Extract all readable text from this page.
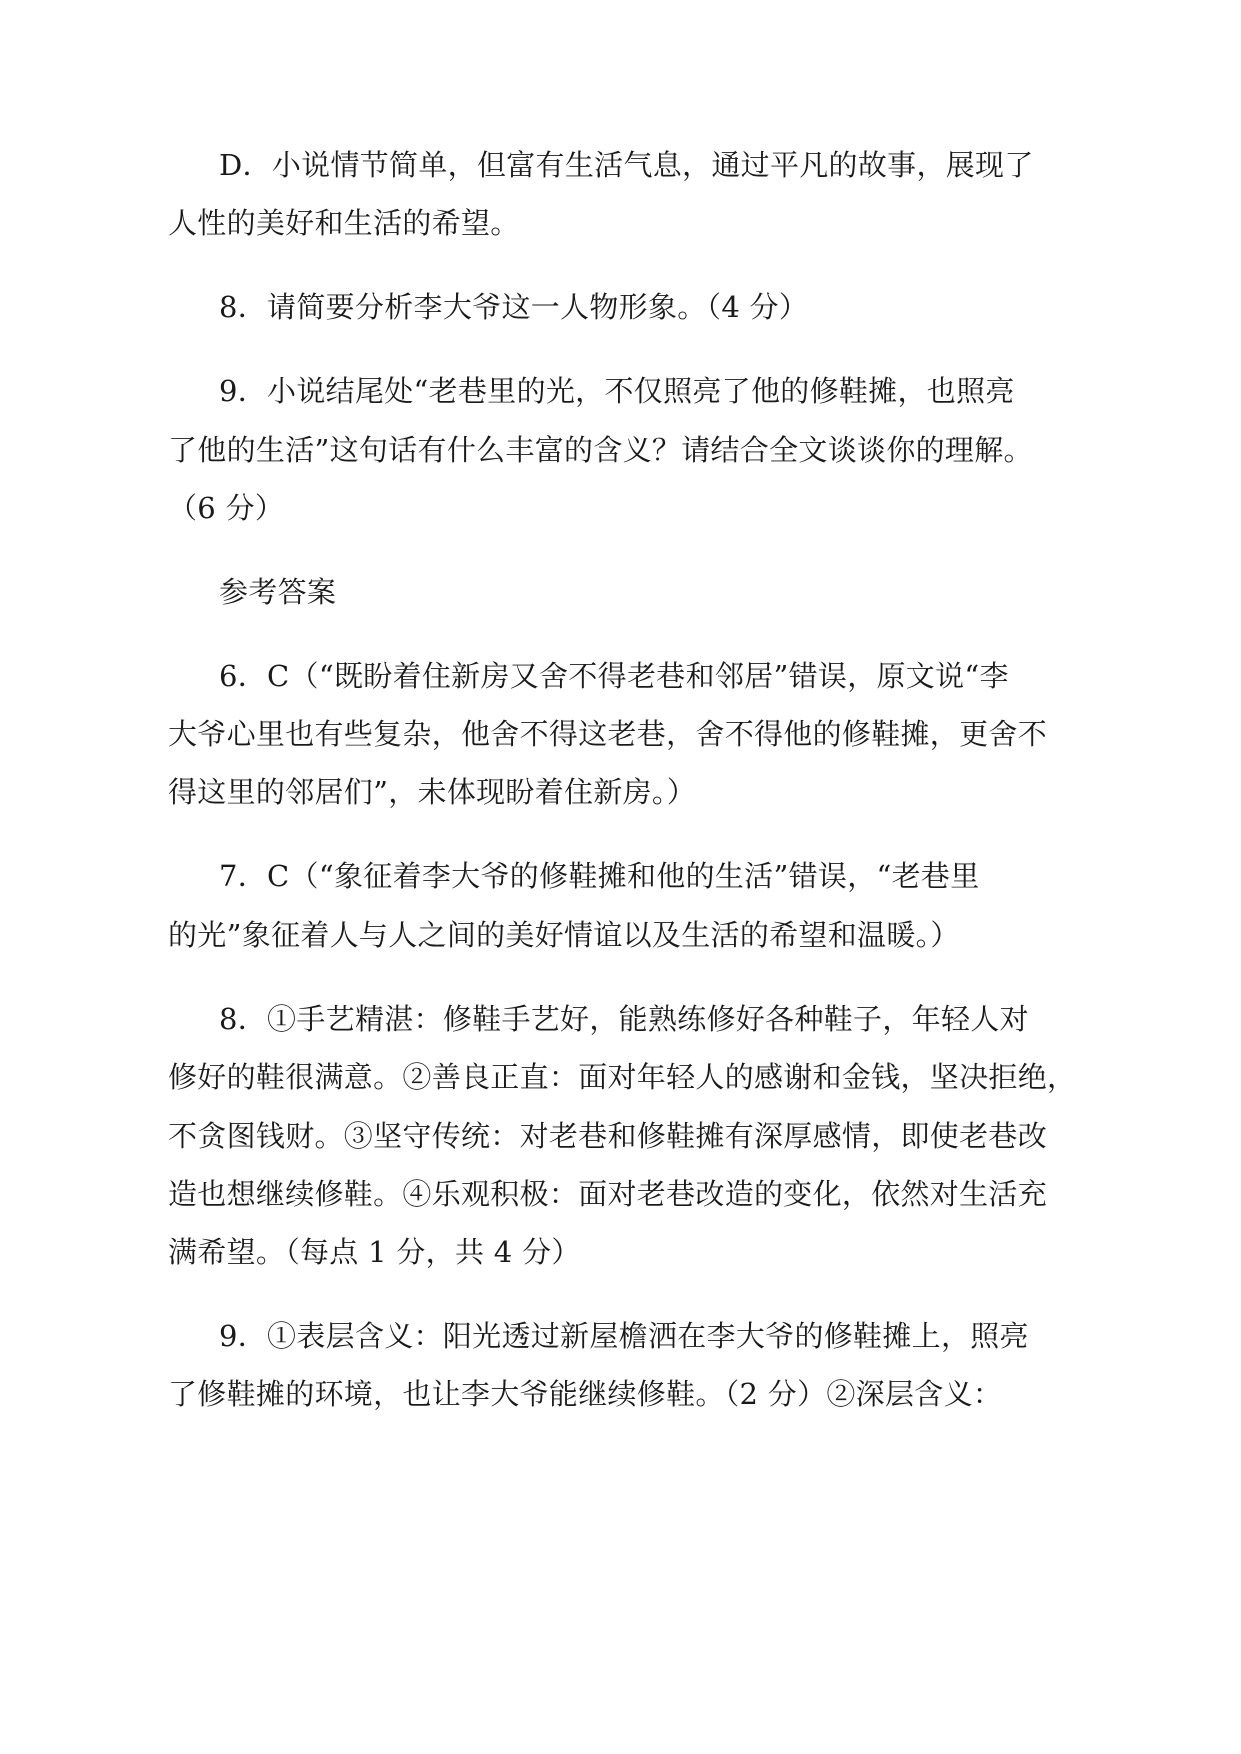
D．小说情节简单，但富有生活气息，通过平凡的故事，展现了
人性的美好和生活的希望。
8．请简要分析李大爷这一人物形象。（4 分）
9．小说结尾处“老巷里的光，不仅照亮了他的修鞋摊，也照亮
了他的生活”这句话有什么丰富的含义？请结合全文谈谈你的理解。
（6 分）
参考答案
6．C（“既盼着住新房又舍不得老巷和邻居”错误，原文说“李
大爷心里也有些复杂，他舍不得这老巷，舍不得他的修鞋摊，更舍不
得这里的邻居们”，未体现盼着住新房。）
7．C（“象征着李大爷的修鞋摊和他的生活”错误，“老巷里
的光”象征着人与人之间的美好情谊以及生活的希望和温暖。）
8．①手艺精湛：修鞋手艺好，能熟练修好各种鞋子，年轻人对
修好的鞋很满意。②善良正直：面对年轻人的感谢和金钱，坚决拒绝，
不贪图钱财。③坚守传统：对老巷和修鞋摊有深厚感情，即使老巷改
造也想继续修鞋。④乐观积极：面对老巷改造的变化，依然对生活充
满希望。（每点 1 分，共 4 分）
9．①表层含义：阳光透过新屋檐洒在李大爷的修鞋摊上，照亮
了修鞋摊的环境，也让李大爷能继续修鞋。（2 分）②深层含义：
